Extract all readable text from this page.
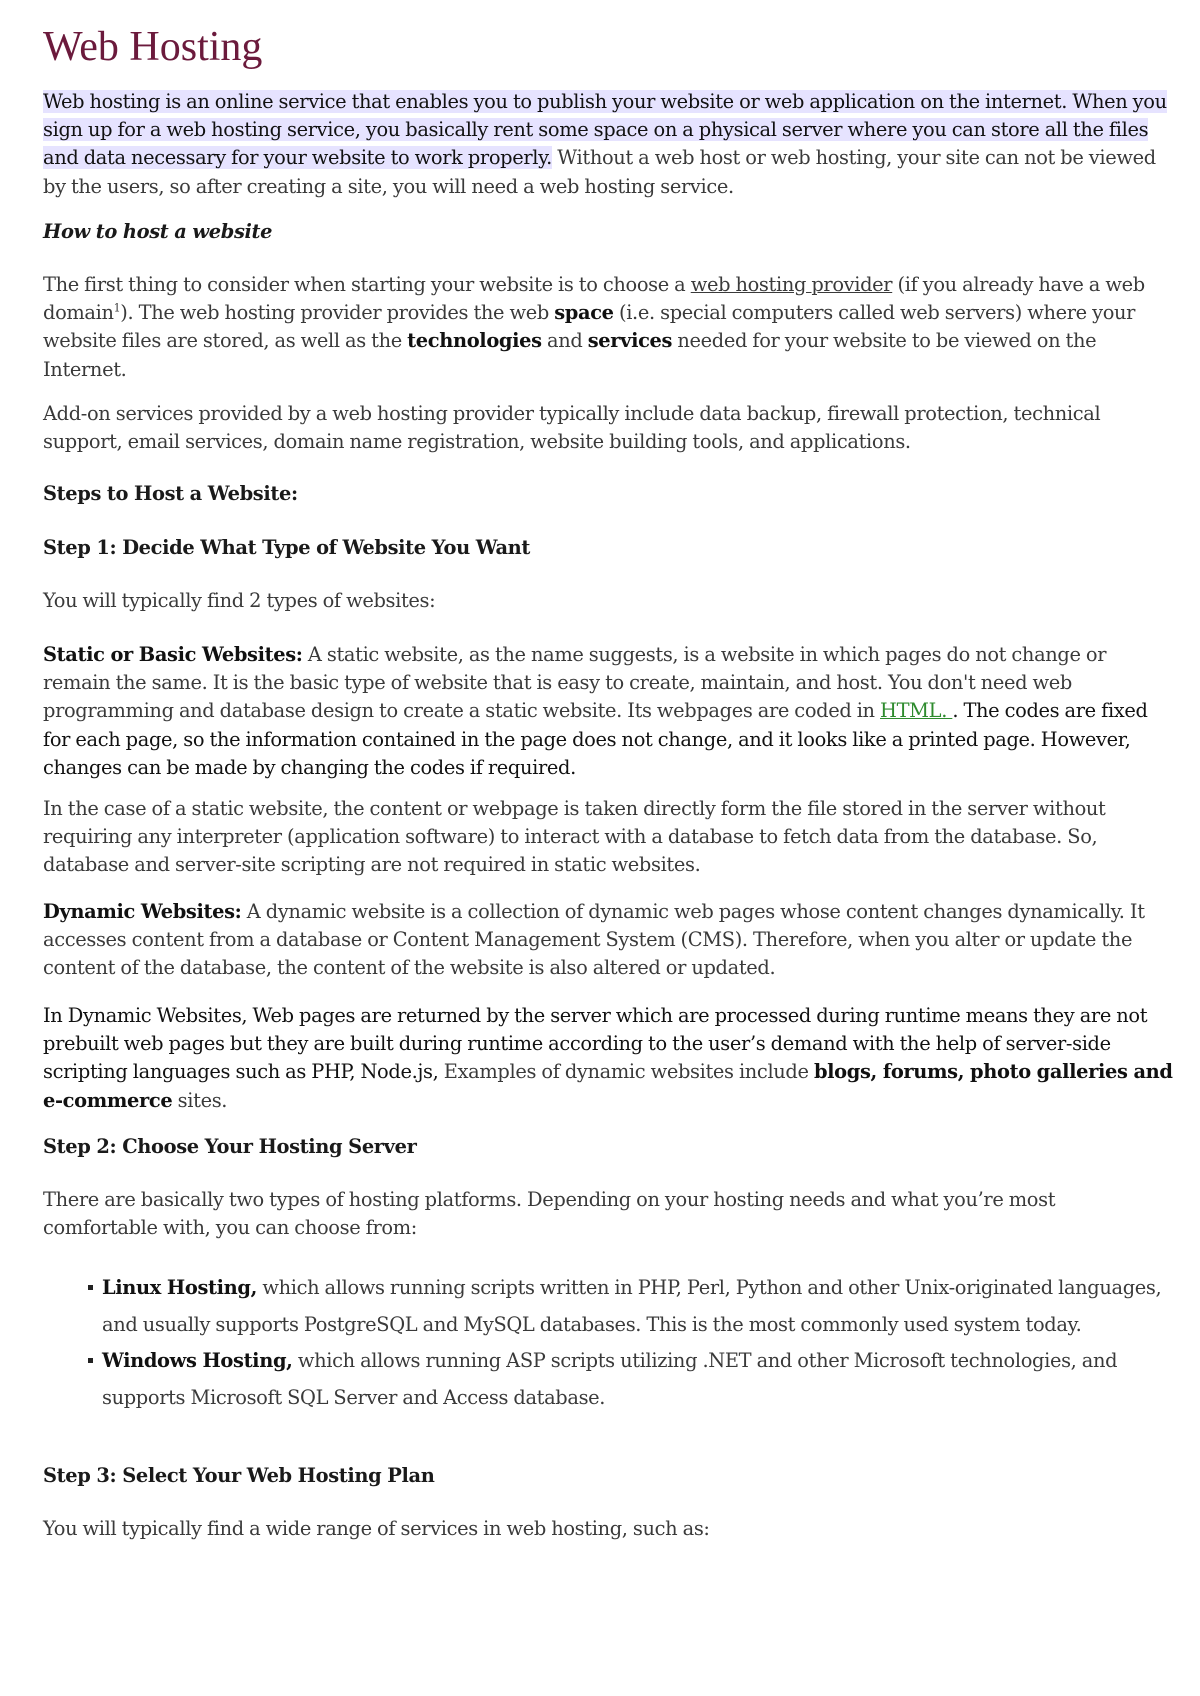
Web Hosting

Web hosting is an online service that enables you to publish your website or web application on the internet. When you sign up for a web hosting service, you basically rent some space on a physical server where you can store all the files and data necessary for your website to work properly. Without a web host or web hosting, your site can not be viewed by the users, so after creating a site, you will need a web hosting service.

How to host a website

The first thing to consider when starting your website is to choose a web hosting provider (if you already have a web domain$^1$). The web hosting provider provides the web space (i.e. special computers called web servers) where your website files are stored, as well as the technologies and services needed for your website to be viewed on the Internet.

Add-on services provided by a web hosting provider typically include data backup, firewall protection, technical support, email services, domain name registration, website building tools, and applications.

Steps to Host a Website:

Step 1: Decide What Type of Website You Want

You will typically find 2 types of websites:

Static or Basic Websites: A static website, as the name suggests, is a website in which pages do not change or remain the same. It is the basic type of website that is easy to create, maintain, and host. You don't need web programming and database design to create a static website. Its webpages are coded in HTML. . The codes are fixed for each page, so the information contained in the page does not change, and it looks like a printed page. However, changes can be made by changing the codes if required.

In the case of a static website, the content or webpage is taken directly form the file stored in the server without requiring any interpreter (application software) to interact with a database to fetch data from the database. So, database and server-site scripting are not required in static websites.

Dynamic Websites: A dynamic website is a collection of dynamic web pages whose content changes dynamically. It accesses content from a database or Content Management System (CMS). Therefore, when you alter or update the content of the database, the content of the website is also altered or updated.

In Dynamic Websites, Web pages are returned by the server which are processed during runtime means they are not prebuilt web pages but they are built during runtime according to the user’s demand with the help of server-side scripting languages such as PHP, Node.js, Examples of dynamic websites include blogs, forums, photo galleries and e-commerce sites.

Step 2: Choose Your Hosting Server

There are basically two types of hosting platforms. Depending on your hosting needs and what you’re most comfortable with, you can choose from:

Linux Hosting, which allows running scripts written in PHP, Perl, Python and other Unix-originated languages, and usually supports PostgreSQL and MySQL databases. This is the most commonly used system today.
Windows Hosting, which allows running ASP scripts utilizing .NET and other Microsoft technologies, and supports Microsoft SQL Server and Access database.

Step 3: Select Your Web Hosting Plan

You will typically find a wide range of services in web hosting, such as:
